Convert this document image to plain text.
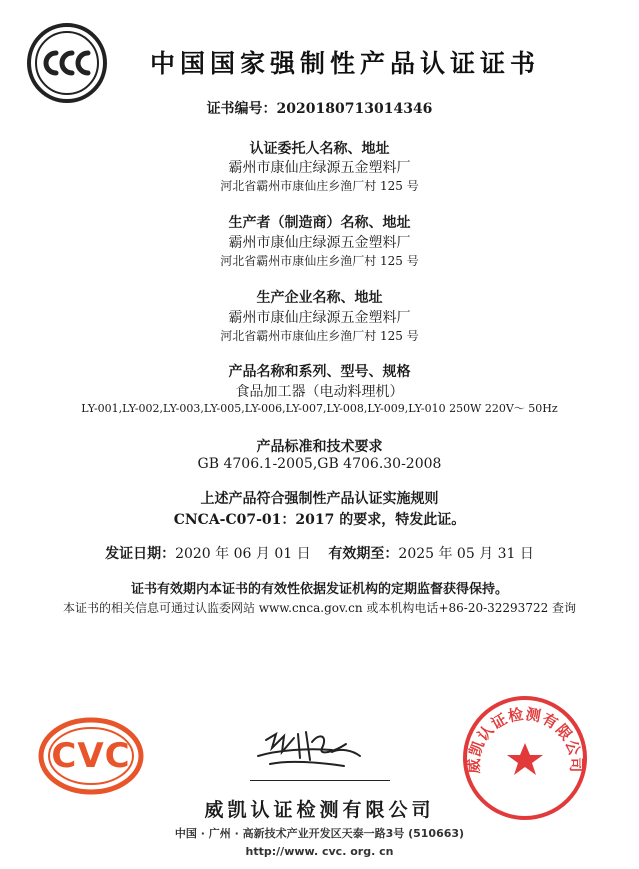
中国国家强制性产品认证证书
证书编号：2020180713014346
认证委托人名称、地址
霸州市康仙庄绿源五金塑料厂
河北省霸州市康仙庄乡渔厂村 125 号
生产者（制造商）名称、地址
霸州市康仙庄绿源五金塑料厂
河北省霸州市康仙庄乡渔厂村 125 号
生产企业名称、地址
霸州市康仙庄绿源五金塑料厂
河北省霸州市康仙庄乡渔厂村 125 号
产品名称和系列、型号、规格
食品加工器（电动料理机）
LY-001,LY-002,LY-003,LY-005,LY-006,LY-007,LY-008,LY-009,LY-010 250W 220V～ 50Hz
产品标准和技术要求
GB 4706.1-2005,GB 4706.30-2008
上述产品符合强制性产品认证实施规则
CNCA-C07-01：2017 的要求，特发此证。
发证日期：2020 年 06 月 01 日 有效期至：2025 年 05 月 31 日
证书有效期内本证书的有效性依据发证机构的定期监督获得保持。
本证书的相关信息可通过认监委网站 www.cnca.gov.cn 或本机构电话+86-20-32293722 查询
CVC	威凯认证检测有限公司
威凯认证检测有限公司
中国 · 广州 · 高新技术产业开发区天泰一路3号 (510663)
http://www. cvc. org. cn
